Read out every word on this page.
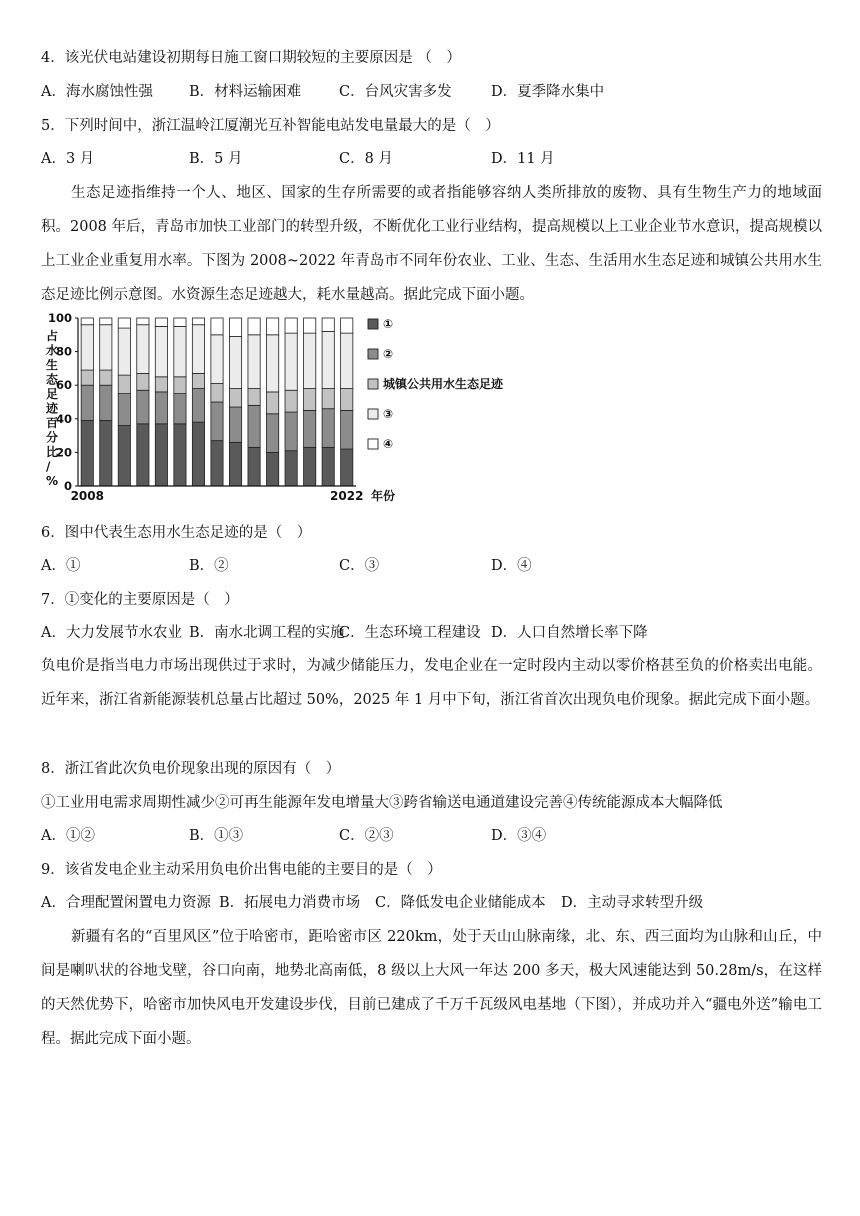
4．该光伏电站建设初期每日施工窗口期较短的主要原因是 （　）
A．海水腐蚀性强 B．材料运输困难	C．台风灾害多发	D．夏季降水集中
5．下列时间中，浙江温岭江厦潮光互补智能电站发电量最大的是（　）
A．3 月	B．5 月	C．8 月	D．11 月
生态足迹指维持一个人、地区、国家的生存所需要的或者指能够容纳人类所排放的废物、具有生物生产力的地域面积。2008 年后，青岛市加快工业部门的转型升级，不断优化工业行业结构，提高规模以上工业企业节水意识，提高规模以上工业企业重复用水率。下图为 2008~2022 年青岛市不同年份农业、工业、生态、生活用水生态足迹和城镇公共用水生态足迹比例示意图。水资源生态足迹越大，耗水量越高。据此完成下面小题。
占水生态足迹百分比/ % 0
20
40
60
80
100
2008	2022 年份
①
②
城镇公共用水生态足迹
③
④
6．图中代表生态用水生态足迹的是（　）
A．①	B．②	C．③	D．④
7．①变化的主要原因是（　）
A．大力发展节水农业 B．南水北调工程的实施
C．生态环境工程建设 D．人口自然增长率下降
负电价是指当电力市场出现供过于求时，为减少储能压力，发电企业在一定时段内主动以零价格甚至负的价格卖出电能。近年来，浙江省新能源装机总量占比超过 50%，2025 年 1 月中下旬，浙江省首次出现负电价现象。据此完成下面小题。
8．浙江省此次负电价现象出现的原因有（　）
①工业用电需求周期性减少②可再生能源年发电增量大③跨省输送电通道建设完善④传统能源成本大幅降低
A．①②	B．①③	C．②③	D．③④
9．该省发电企业主动采用负电价出售电能的主要目的是（　）
A．合理配置闲置电力资源 B．拓展电力消费市场 C．降低发电企业储能成本 D．主动寻求转型升级
新疆有名的“百里风区”位于哈密市，距哈密市区 220km，处于天山山脉南缘，北、东、西三面均为山脉和山丘，中间是喇叭状的谷地戈壁，谷口向南，地势北高南低，8 级以上大风一年达 200 多天，极大风速能达到 50.28m/s，在这样的天然优势下，哈密市加快风电开发建设步伐，目前已建成了千万千瓦级风电基地（下图），并成功并入“疆电外送”输电工程。据此完成下面小题。
